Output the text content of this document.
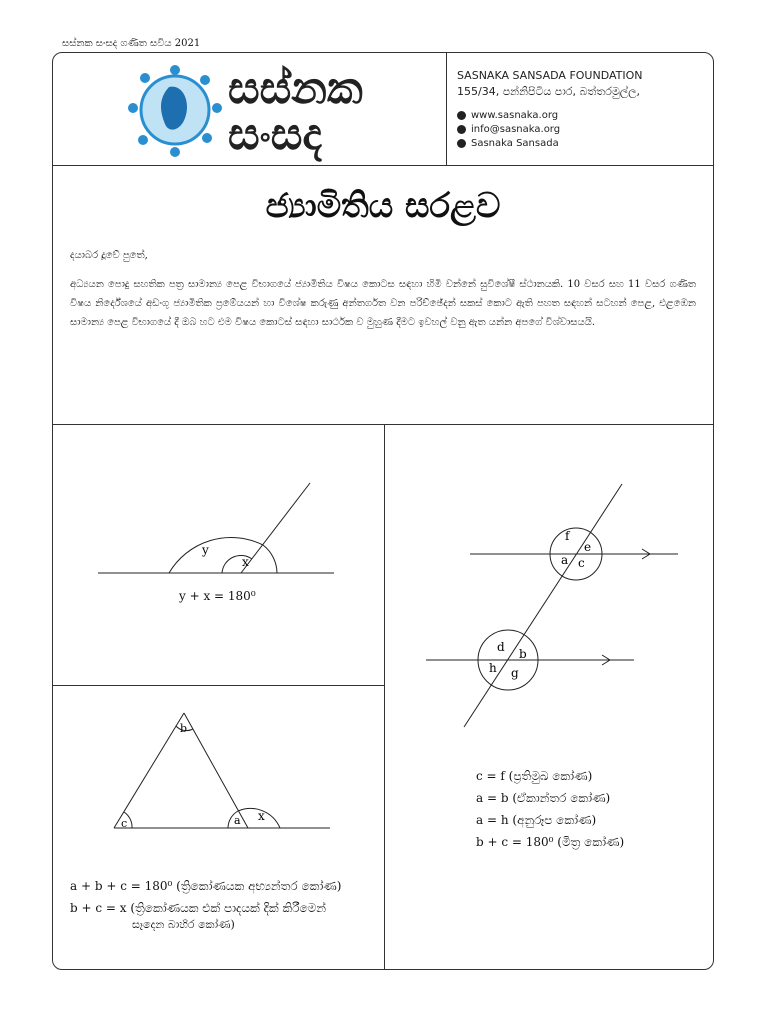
සස්නක සංසද ගණිත සවිය 2021
සස්නක
සංසද
SASNAKA SANSADA FOUNDATION
155/34, පන්නිපිටිය පාර, බත්තරමුල්ල,
www.sasnaka.org
info@sasnaka.org
Sasnaka Sansada
ජ්‍යාමිතිය සරළව
දයාබර දූවේ පුතේ,
අධ්‍යයන පොදු සහතික පත්‍ර සාමාන්‍ය පෙළ විභාගයේ ජ්‍යාමිතිය විෂය කොටස සඳහා හිමි වන්නේ සුවිශේෂී ස්ථානයකි. 10 වසර සහ 11 වසර ගණිත විෂය නිර්දේශයේ අඩංගු ජ්‍යාමිතික ප්‍රමේයයන් හා විශේෂ කරුණු අන්තර්ගත වන පරිච්ඡේදන් සකස් කොට ඇති පහත සඳහන් සටහන් පෙළ, එළඹෙන සාමාන්‍ය පෙළ විභාගයේ දී ඔබ හට එම විෂය කොටස් සඳහා සාර්ථක ව මුහුණ දීමට ඉවහල් වනු ඇත යන්න අපගේ විශ්වාසයයි.
y
x
y + x = 180⁰
b
c	a x
a + b + c = 180⁰ (ත්‍රිකෝණයක අභ්‍යන්තර කෝණ)
b + c = x (ත්‍රිකෝණයක එක් පාදයක් දික් කිරීමෙන්
සෑදෙන බාහිර කෝණ)
f
e
a c
d b
h g
c = f (ප්‍රතිමුඛ කෝණ)
a = b (ඒකාන්තර කෝණ)
a = h (අනුරූප කෝණ)
b + c = 180⁰ (මිත්‍ර කෝණ)
